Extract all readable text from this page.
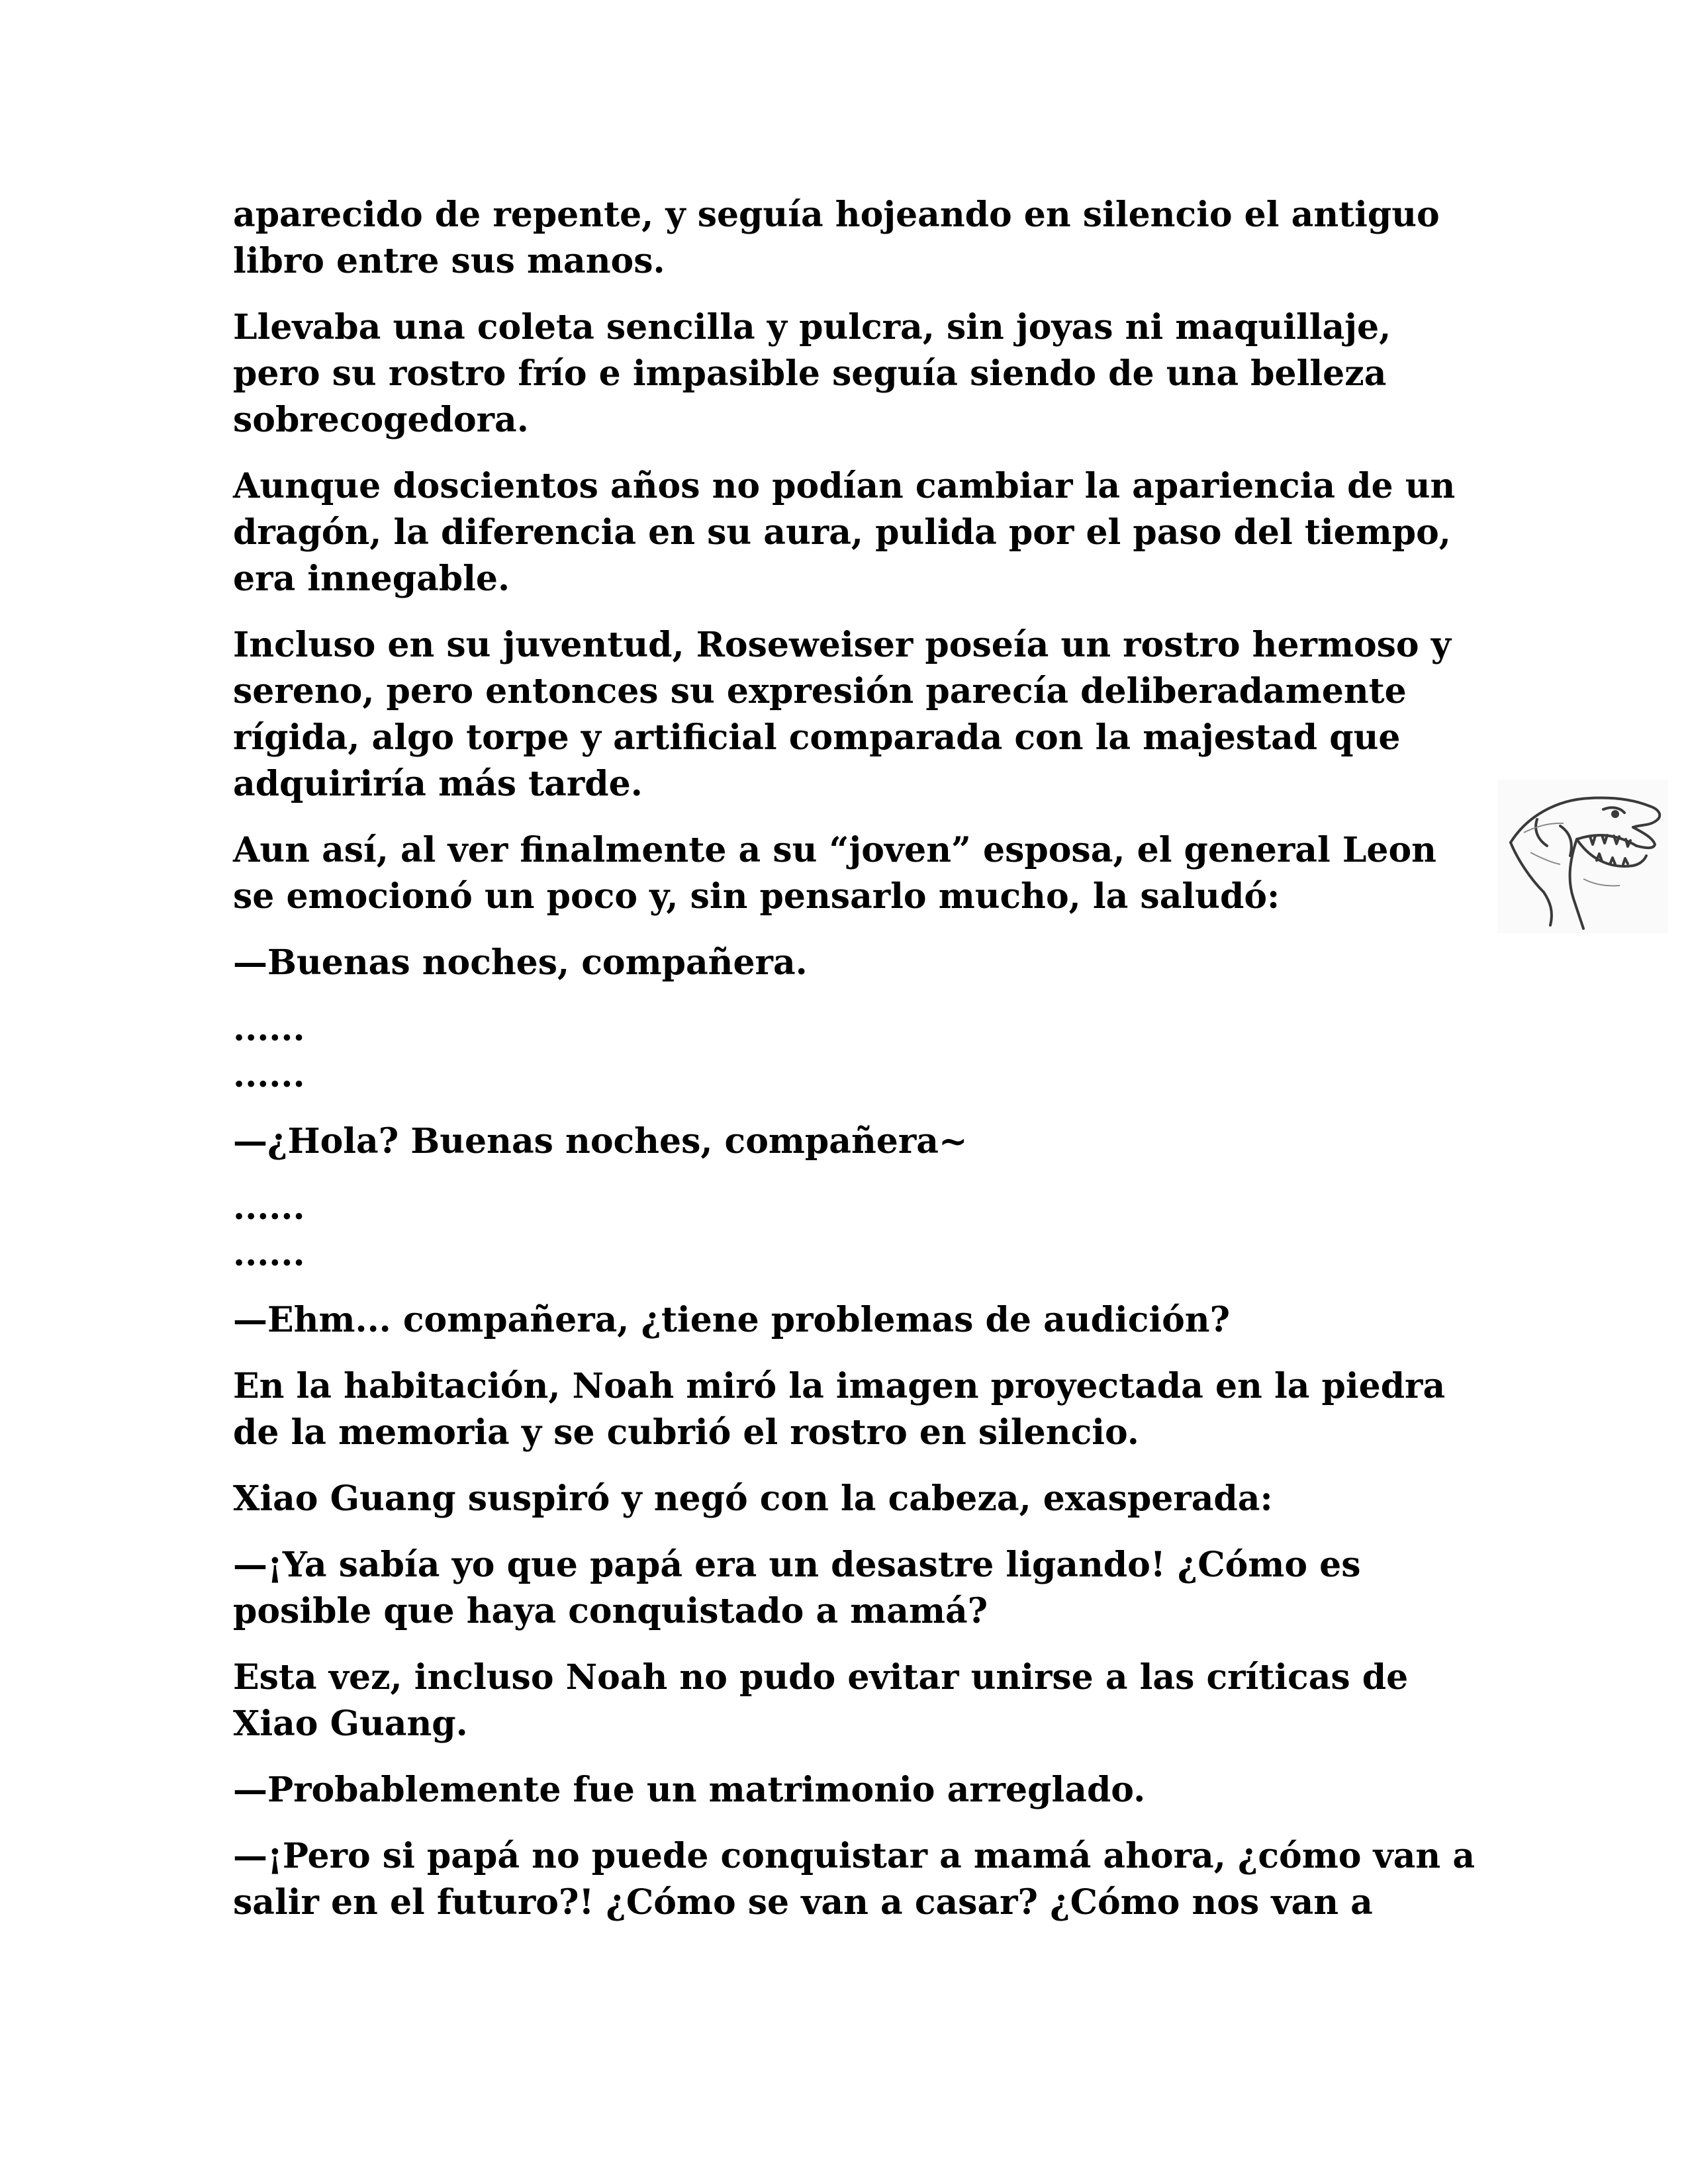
aparecido de repente, y seguía hojeando en silencio el antiguo libro entre sus manos.

Llevaba una coleta sencilla y pulcra, sin joyas ni maquillaje, pero su rostro frío e impasible seguía siendo de una belleza sobrecogedora.

Aunque doscientos años no podían cambiar la apariencia de un dragón, la diferencia en su aura, pulida por el paso del tiempo, era innegable.

Incluso en su juventud, Roseweiser poseía un rostro hermoso y sereno, pero entonces su expresión parecía deliberadamente rígida, algo torpe y artificial comparada con la majestad que adquiriría más tarde.

Aun así, al ver finalmente a su “joven” esposa, el general Leon se emocionó un poco y, sin pensarlo mucho, la saludó:

—Buenas noches, compañera.

......
......

—¿Hola? Buenas noches, compañera~

......
......

—Ehm... compañera, ¿tiene problemas de audición?

En la habitación, Noah miró la imagen proyectada en la piedra de la memoria y se cubrió el rostro en silencio.

Xiao Guang suspiró y negó con la cabeza, exasperada:

—¡Ya sabía yo que papá era un desastre ligando! ¿Cómo es posible que haya conquistado a mamá?

Esta vez, incluso Noah no pudo evitar unirse a las críticas de Xiao Guang.

—Probablemente fue un matrimonio arreglado.

—¡Pero si papá no puede conquistar a mamá ahora, ¿cómo van a salir en el futuro?! ¿Cómo se van a casar? ¿Cómo nos van a
